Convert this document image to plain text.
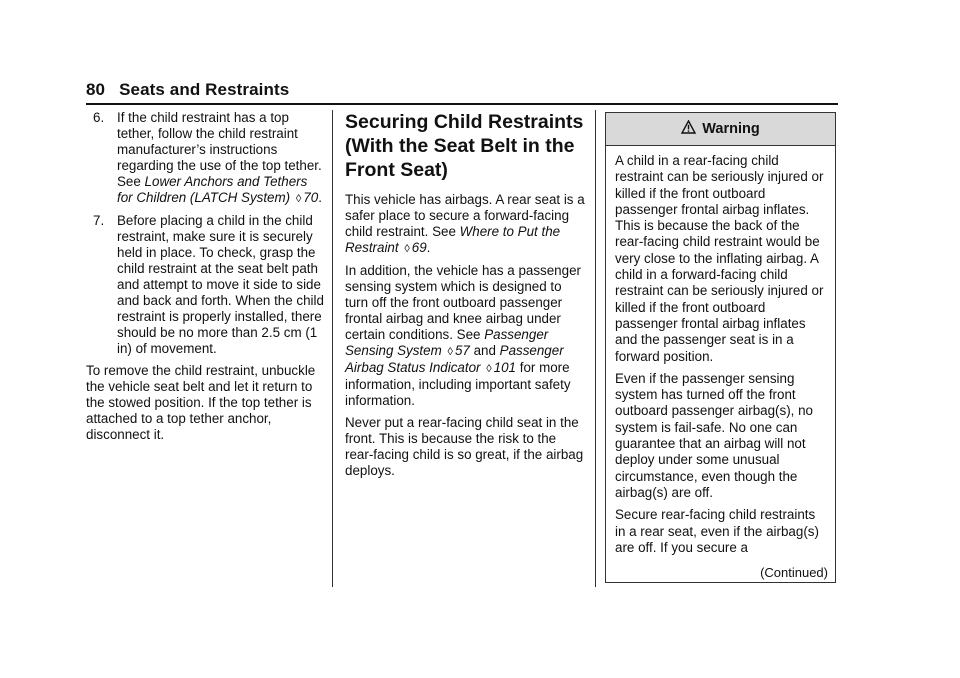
80 Seats and Restraints
6. If the child restraint has a top tether, follow the child restraint manufacturer’s instructions regarding the use of the top tether. See Lower Anchors and Tethers for Children (LATCH System) ◊ 70.
7. Before placing a child in the child restraint, make sure it is securely held in place. To check, grasp the child restraint at the seat belt path and attempt to move it side to side and back and forth. When the child restraint is properly installed, there should be no more than 2.5 cm (1 in) of movement.

To remove the child restraint, unbuckle the vehicle seat belt and let it return to the stowed position. If the top tether is attached to a top tether anchor, disconnect it.

Securing Child Restraints (With the Seat Belt in the Front Seat)

This vehicle has airbags. A rear seat is a safer place to secure a forward-facing child restraint. See Where to Put the Restraint ◊ 69.

In addition, the vehicle has a passenger sensing system which is designed to turn off the front outboard passenger frontal airbag and knee airbag under certain conditions. See Passenger Sensing System ◊ 57 and Passenger Airbag Status Indicator ◊ 101 for more information, including important safety information.

Never put a rear-facing child seat in the front. This is because the risk to the rear-facing child is so great, if the airbag deploys.

Warning

A child in a rear-facing child restraint can be seriously injured or killed if the front outboard passenger frontal airbag inflates. This is because the back of the rear-facing child restraint would be very close to the inflating airbag. A child in a forward-facing child restraint can be seriously injured or killed if the front outboard passenger frontal airbag inflates and the passenger seat is in a forward position.

Even if the passenger sensing system has turned off the front outboard passenger airbag(s), no system is fail-safe. No one can guarantee that an airbag will not deploy under some unusual circumstance, even though the airbag(s) are off.

Secure rear-facing child restraints in a rear seat, even if the airbag(s) are off. If you secure a

(Continued)
